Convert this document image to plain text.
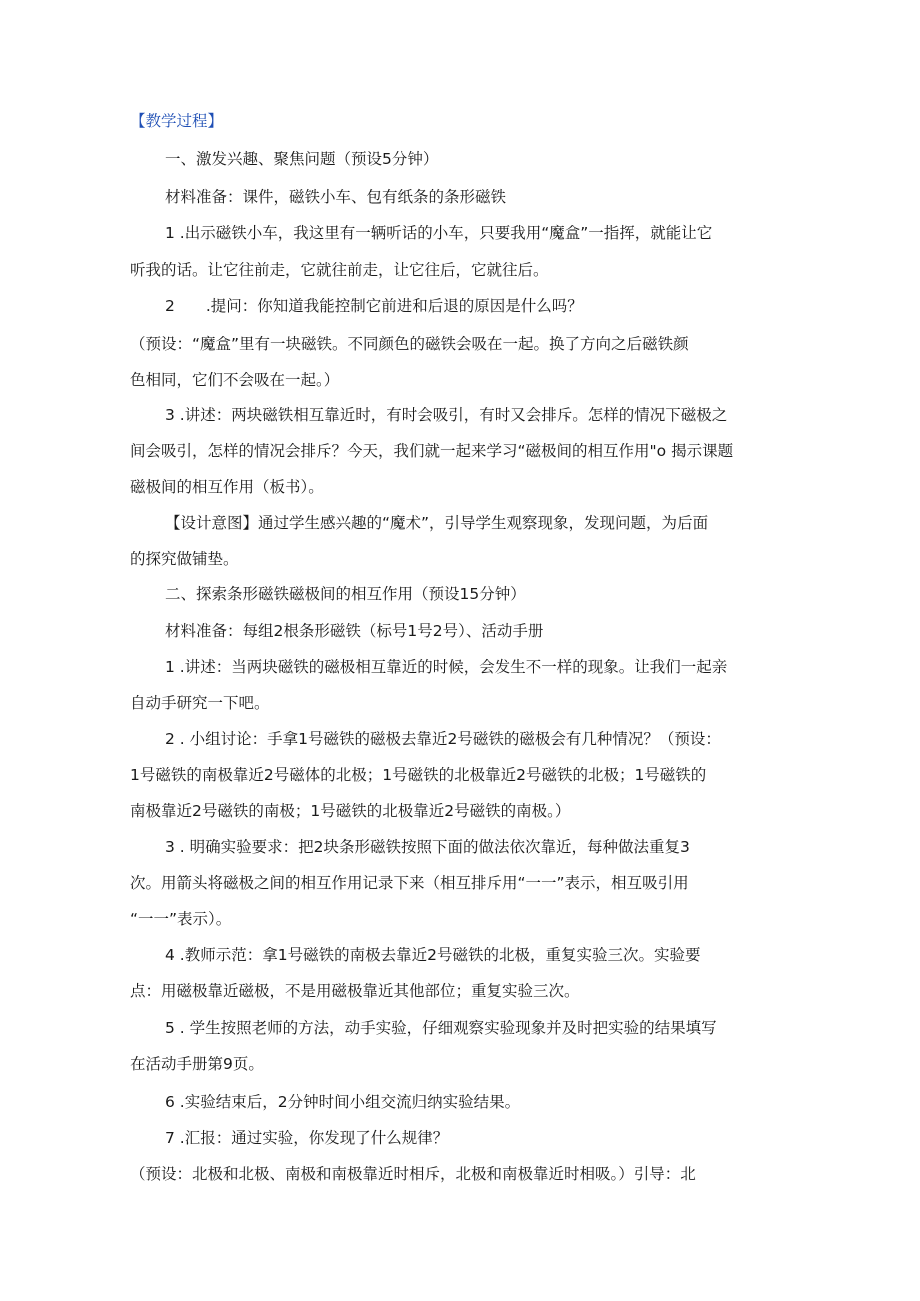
【教学过程】
一、激发兴趣、聚焦问题（预设5分钟）
材料准备：课件，磁铁小车、包有纸条的条形磁铁
1 .出示磁铁小车，我这里有一辆听话的小车，只要我用“魔盒”一指挥，就能让它
听我的话。让它往前走，它就往前走，让它往后，它就往后。
2　　.提问：你知道我能控制它前进和后退的原因是什么吗？
（预设：“魔盒”里有一块磁铁。不同颜色的磁铁会吸在一起。换了方向之后磁铁颜
色相同，它们不会吸在一起。）
3 .讲述：两块磁铁相互靠近时，有时会吸引，有时又会排斥。怎样的情况下磁极之
间会吸引，怎样的情况会排斥？今天，我们就一起来学习“磁极间的相互作用"o 揭示课题
磁极间的相互作用（板书）。
【设计意图】通过学生感兴趣的“魔术”，引导学生观察现象，发现问题，为后面
的探究做铺垫。
二、探索条形磁铁磁极间的相互作用（预设15分钟）
材料准备：每组2根条形磁铁（标号1号2号）、活动手册
1 .讲述：当两块磁铁的磁极相互靠近的时候，会发生不一样的现象。让我们一起亲
自动手研究一下吧。
2 . 小组讨论：手拿1号磁铁的磁极去靠近2号磁铁的磁极会有几种情况？（预设：
1号磁铁的南极靠近2号磁体的北极；1号磁铁的北极靠近2号磁铁的北极；1号磁铁的
南极靠近2号磁铁的南极；1号磁铁的北极靠近2号磁铁的南极。）
3 . 明确实验要求：把2块条形磁铁按照下面的做法依次靠近，每种做法重复3
次。用箭头将磁极之间的相互作用记录下来（相互排斥用“一一”表示，相互吸引用
“一一”表示）。
4 .教师示范：拿1号磁铁的南极去靠近2号磁铁的北极，重复实验三次。实验要
点：用磁极靠近磁极，不是用磁极靠近其他部位；重复实验三次。
5 . 学生按照老师的方法，动手实验，仔细观察实验现象并及时把实验的结果填写
在活动手册第9页。
6 .实验结束后，2分钟时间小组交流归纳实验结果。
7 .汇报：通过实验，你发现了什么规律？
（预设：北极和北极、南极和南极靠近时相斥，北极和南极靠近时相吸。）引导：北
